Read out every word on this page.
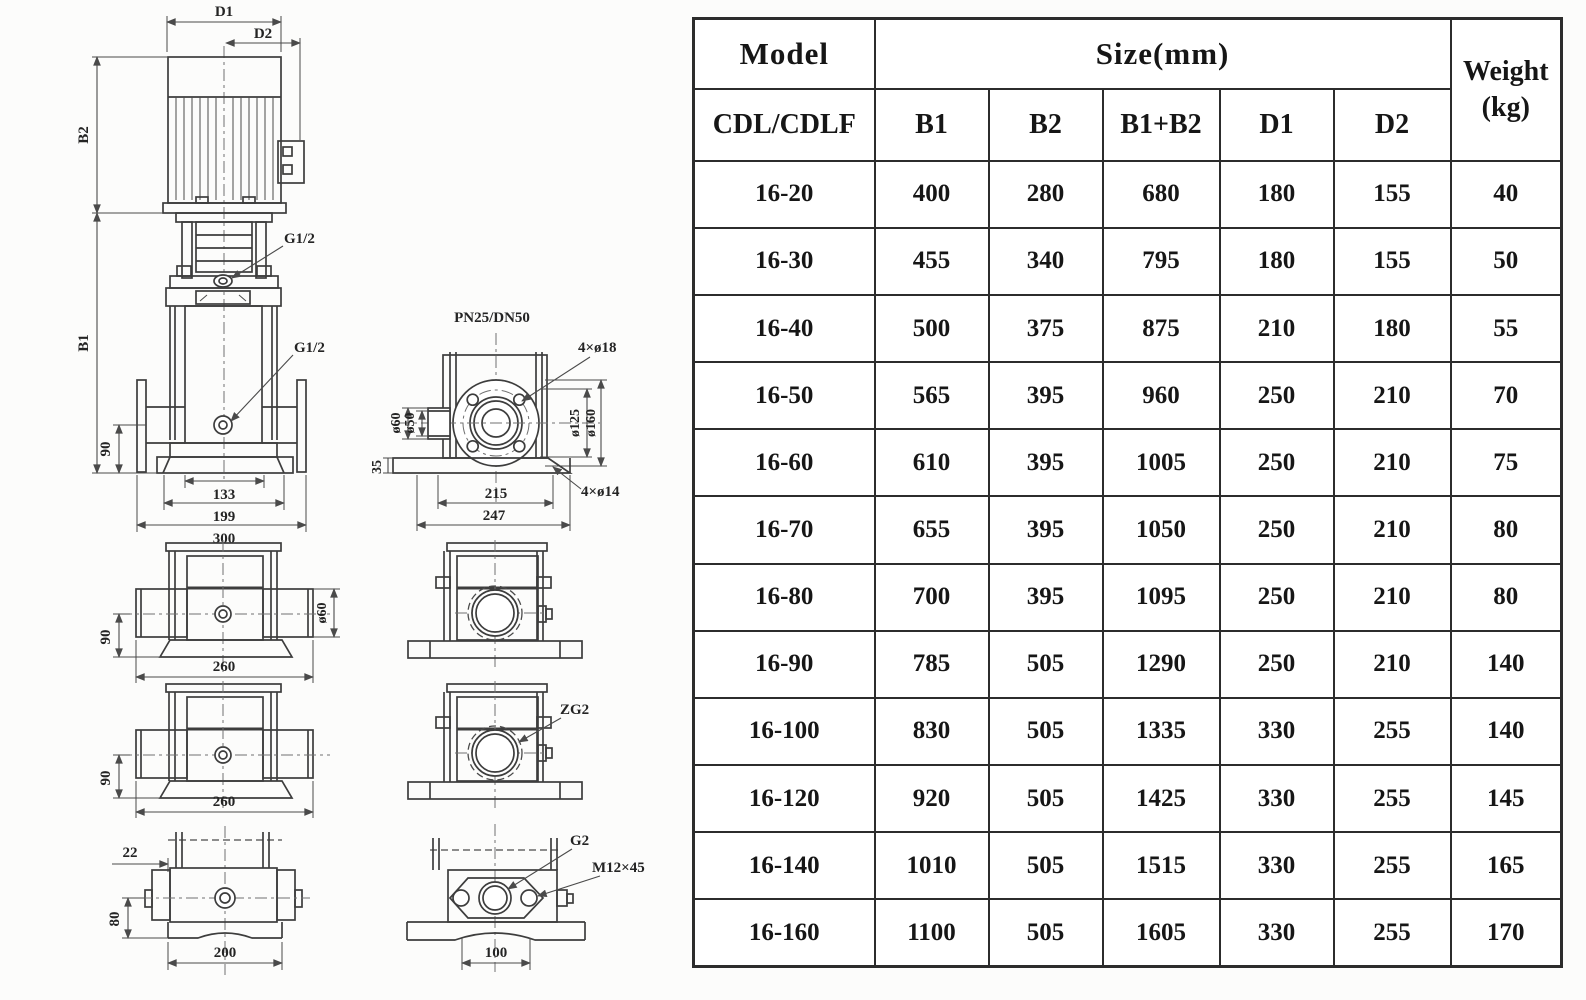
D1
D2
B2
B1
G1/2
G1/2
90
133
199
300
PN25/DN50
4×ø18
ø60 ø50	ø125 ø160
35
4×ø14
215
247
90
260
ø60
90
260
22
80
200
ZG2
G2
M12×45
100
Model	Size(mm)					Weight
(kg)

CDL/CDLF	B1	B2	B1+B2	D1	D2	
16-20	400	280	680	180	155	40
16-30	455	340	795	180	155	50
16-40	500	375	875	210	180	55
16-50	565	395	960	250	210	70
16-60	610	395	1005	250	210	75
16-70	655	395	1050	250	210	80
16-80	700	395	1095	250	210	80
16-90	785	505	1290	250	210	140
16-100	830	505	1335	330	255	140
16-120	920	505	1425	330	255	145
16-140	1010	505	1515	330	255	165
16-160	1100	505	1605	330	255	170
